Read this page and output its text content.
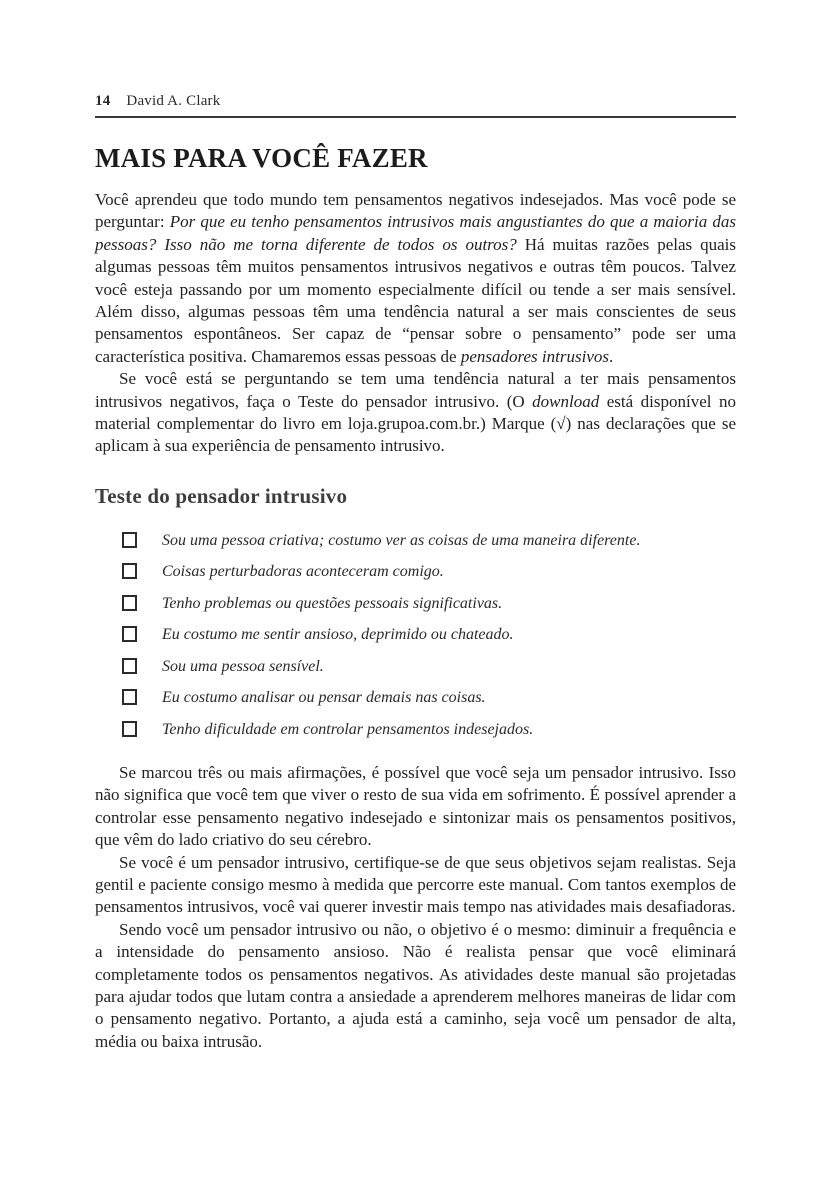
14 David A. Clark
MAIS PARA VOCÊ FAZER

Você aprendeu que todo mundo tem pensamentos negativos indesejados. Mas você pode se perguntar: Por que eu tenho pensamentos intrusivos mais angustiantes do que a maioria das pessoas? Isso não me torna diferente de todos os outros? Há muitas razões pelas quais algumas pessoas têm muitos pensamentos intrusivos negativos e outras têm poucos. Talvez você esteja passando por um momento especialmente difícil ou tende a ser mais sensível. Além disso, algumas pessoas têm uma tendência natural a ser mais conscientes de seus pensamentos espontâneos. Ser capaz de “pensar sobre o pensamento” pode ser uma característica positiva. Chamaremos essas pessoas de pensadores intrusivos.

Se você está se perguntando se tem uma tendência natural a ter mais pensamentos intrusivos negativos, faça o Teste do pensador intrusivo. (O download está disponível no material complementar do livro em loja.grupoa.com.br.) Marque (√) nas declarações que se aplicam à sua experiência de pensamento intrusivo.

Teste do pensador intrusivo
Sou uma pessoa criativa; costumo ver as coisas de uma maneira diferente.
Coisas perturbadoras aconteceram comigo.
Tenho problemas ou questões pessoais significativas.
Eu costumo me sentir ansioso, deprimido ou chateado.
Sou uma pessoa sensível.
Eu costumo analisar ou pensar demais nas coisas.
Tenho dificuldade em controlar pensamentos indesejados.

Se marcou três ou mais afirmações, é possível que você seja um pensador intrusivo. Isso não significa que você tem que viver o resto de sua vida em sofrimento. É possível aprender a controlar esse pensamento negativo indesejado e sintonizar mais os pensamentos positivos, que vêm do lado criativo do seu cérebro.

Se você é um pensador intrusivo, certifique-se de que seus objetivos sejam realistas. Seja gentil e paciente consigo mesmo à medida que percorre este manual. Com tantos exemplos de pensamentos intrusivos, você vai querer investir mais tempo nas atividades mais desafiadoras.

Sendo você um pensador intrusivo ou não, o objetivo é o mesmo: diminuir a frequência e a intensidade do pensamento ansioso. Não é realista pensar que você eliminará completamente todos os pensamentos negativos. As atividades deste manual são projetadas para ajudar todos que lutam contra a ansiedade a aprenderem melhores maneiras de lidar com o pensamento negativo. Portanto, a ajuda está a caminho, seja você um pensador de alta, média ou baixa intrusão.
